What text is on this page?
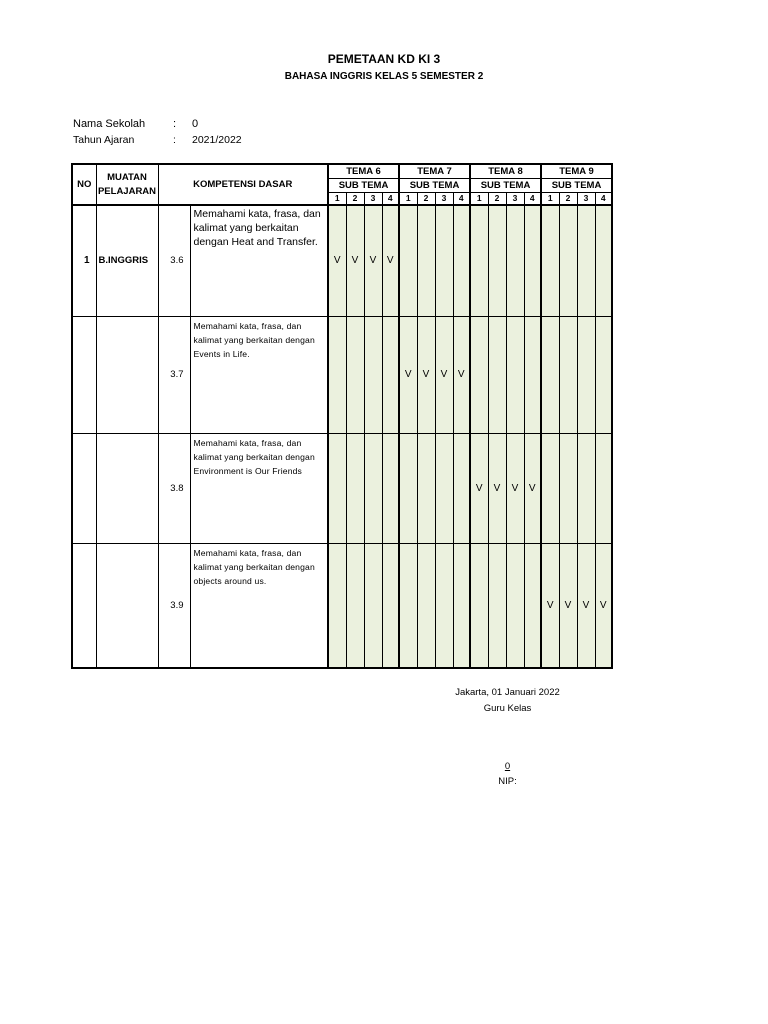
PEMETAAN KD KI 3
BAHASA INGGRIS KELAS 5 SEMESTER 2
Nama Sekolah	: 0
Tahun Ajaran	: 2021/2022
NO	MUATAN PELAJARAN	KOMPETENSI DASAR		TEMA 6				TEMA 7				TEMA 8				TEMA 9			
				SUB TEMA				SUB TEMA				SUB TEMA				SUB TEMA			
				1	2	3	4	1	2	3	4	1	2	3	4	1	2	3	4
1	B.INGGRIS	3.6	Memahami kata, frasa, dan kalimat yang berkaitan dengan Heat and Transfer.	V	V	V	V												
		3.7	Memahami kata, frasa, dan kalimat yang berkaitan dengan Events in Life.					V	V	V	V								
		3.8	Memahami kata, frasa, dan kalimat yang berkaitan dengan Environment is Our Friends									V	V	V	V				
		3.9	Memahami kata, frasa, dan kalimat yang berkaitan dengan objects around us.													V	V	V	V
Jakarta, 01 Januari 2022
Guru Kelas
0
NIP:
